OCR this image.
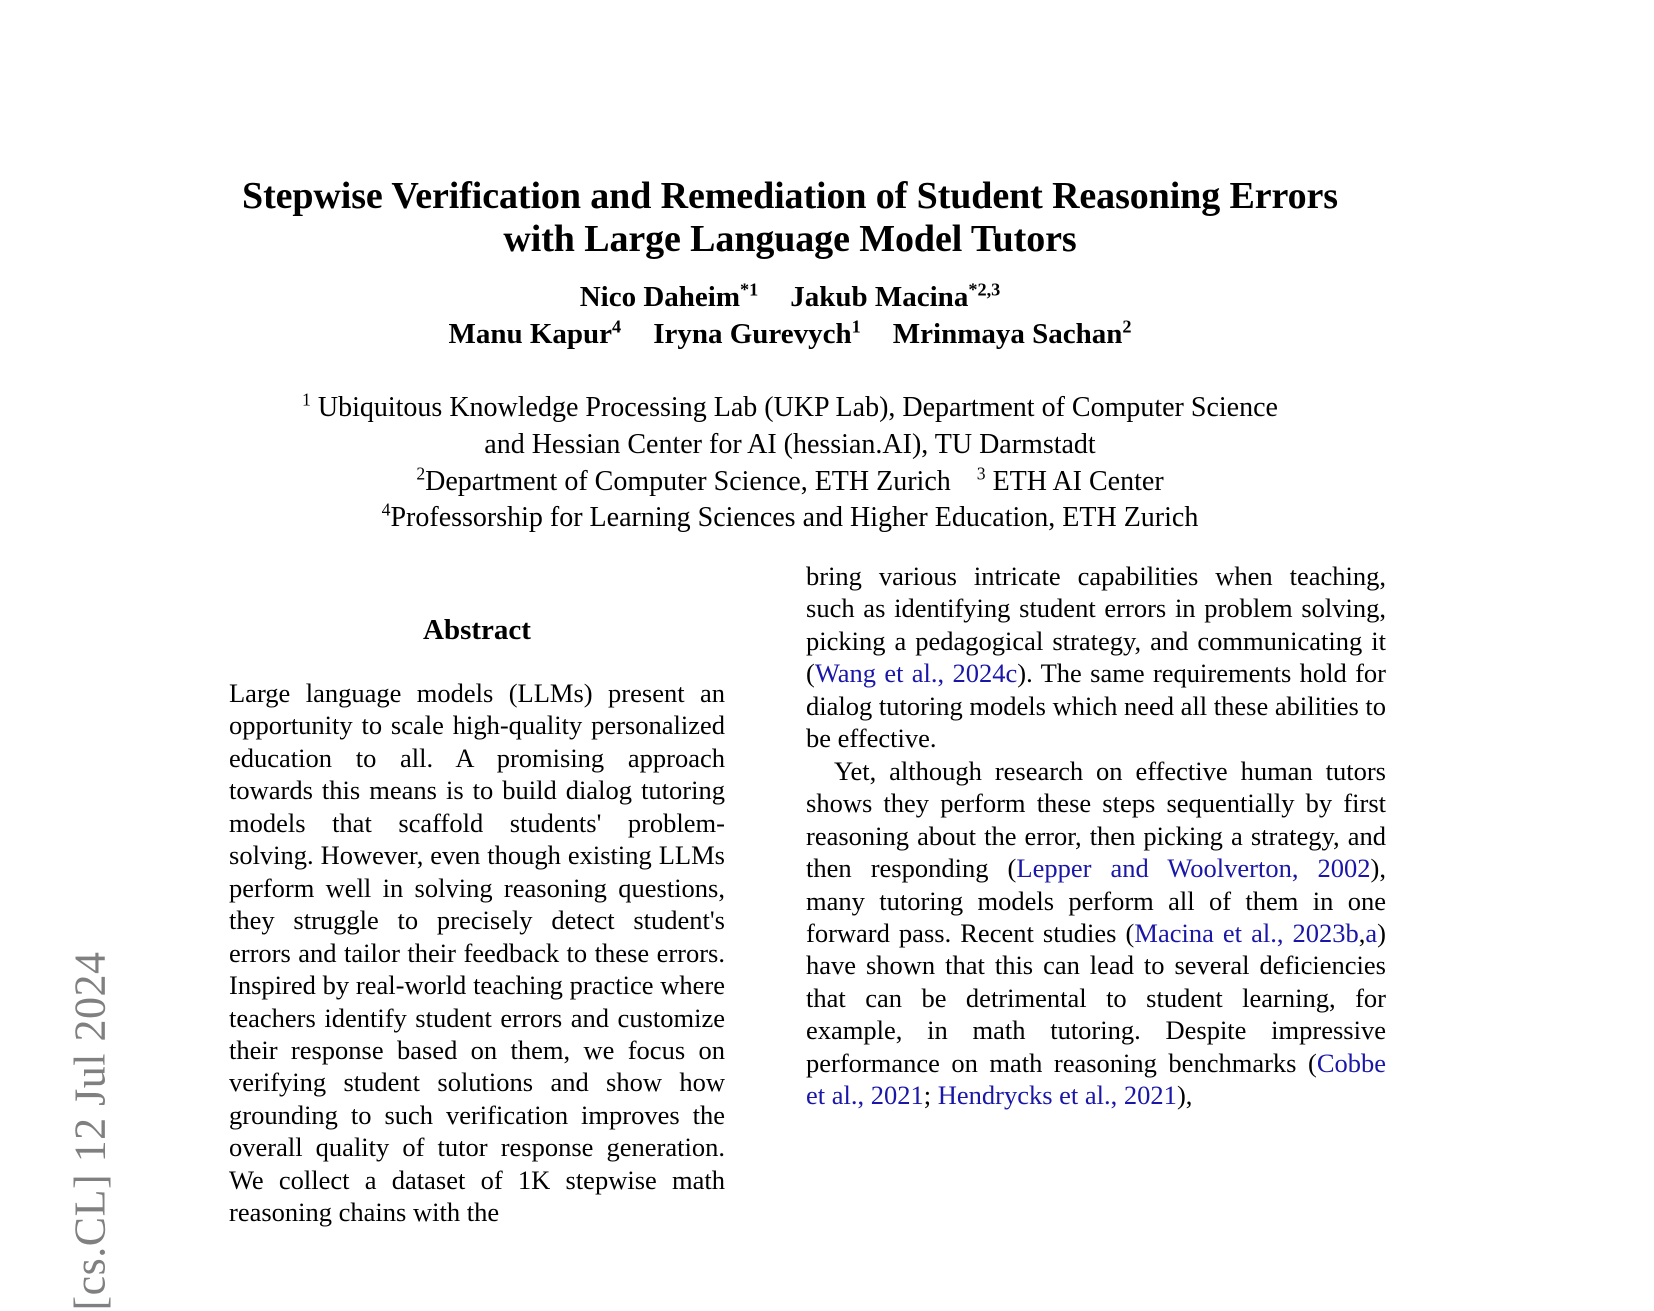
[cs.CL] 12 Jul 2024
Stepwise Verification and Remediation of Student Reasoning Errors
with Large Language Model Tutors
Nico Daheim$^{*1}$ Jakub Macina$^{*2,3}$
Manu Kapur$^4$ Iryna Gurevych$^1$ Mrinmaya Sachan$^2$
$^1$ Ubiquitous Knowledge Processing Lab (UKP Lab), Department of Computer Science
and Hessian Center for AI (hessian.AI), TU Darmstadt
$^2$Department of Computer Science, ETH Zurich $^3$ ETH AI Center
$^4$Professorship for Learning Sciences and Higher Education, ETH Zurich
Abstract

Large language models (LLMs) present an opportunity to scale high-quality personalized education to all. A promising approach towards this means is to build dialog tutoring models that scaffold students' problem-solving. However, even though existing LLMs perform well in solving reasoning questions, they struggle to precisely detect student's errors and tailor their feedback to these errors. Inspired by real-world teaching practice where teachers identify student errors and customize their response based on them, we focus on verifying student solutions and show how grounding to such verification improves the overall quality of tutor response generation. We collect a dataset of 1K stepwise math reasoning chains with the

bring various intricate capabilities when teaching, such as identifying student errors in problem solving, picking a pedagogical strategy, and communicating it (Wang et al., 2024c). The same requirements hold for dialog tutoring models which need all these abilities to be effective.

Yet, although research on effective human tutors shows they perform these steps sequentially by first reasoning about the error, then picking a strategy, and then responding (Lepper and Woolverton, 2002), many tutoring models perform all of them in one forward pass. Recent studies (Macina et al., 2023b,a) have shown that this can lead to several deficiencies that can be detrimental to student learning, for example, in math tutoring. Despite impressive performance on math reasoning benchmarks (Cobbe et al., 2021; Hendrycks et al., 2021),
